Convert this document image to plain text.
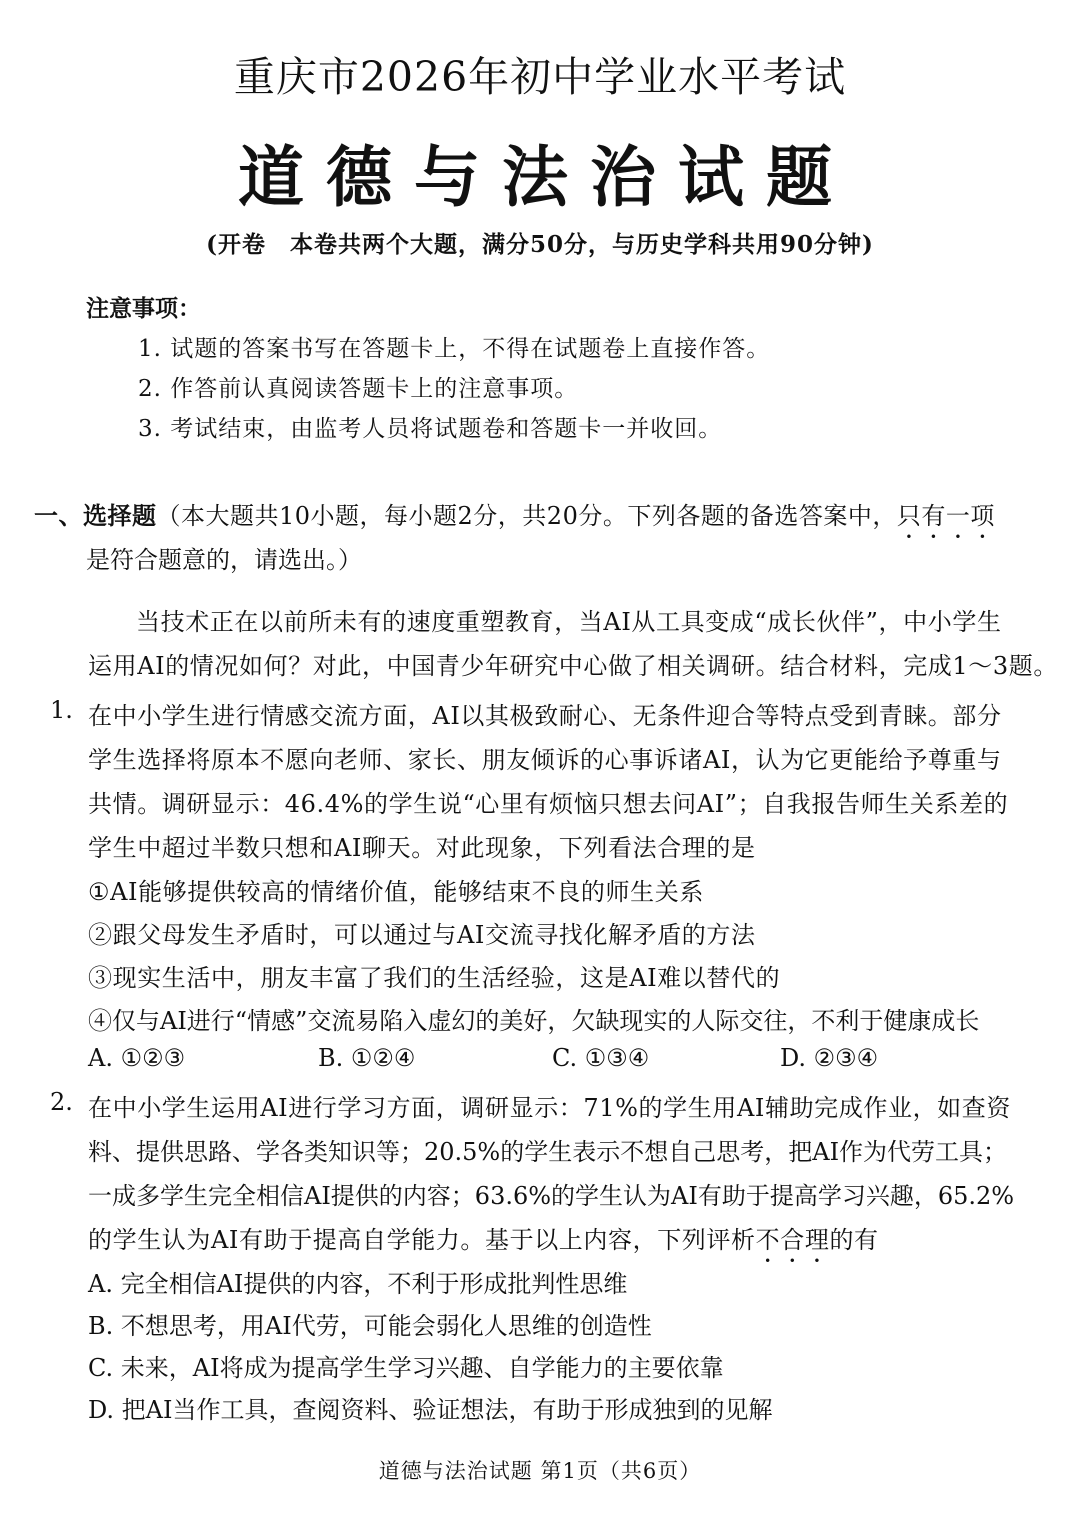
重庆市2026年初中学业水平考试
道德与法治试题
(开卷　本卷共两个大题，满分50分，与历史学科共用90分钟)
注意事项：
1. 试题的答案书写在答题卡上，不得在试题卷上直接作答。
2. 作答前认真阅读答题卡上的注意事项。
3. 考试结束，由监考人员将试题卷和答题卡一并收回。
一、选择题（本大题共10小题，每小题2分，共20分。下列各题的备选答案中，只有一项
是符合题意的，请选出。）
当技术正在以前所未有的速度重塑教育，当AI从工具变成“成长伙伴”，中小学生
运用AI的情况如何？对此，中国青少年研究中心做了相关调研。结合材料，完成1～3题。
1. 在中小学生进行情感交流方面，AI以其极致耐心、无条件迎合等特点受到青睐。部分
学生选择将原本不愿向老师、家长、朋友倾诉的心事诉诸AI，认为它更能给予尊重与
共情。调研显示：46.4%的学生说“心里有烦恼只想去问AI”；自我报告师生关系差的
学生中超过半数只想和AI聊天。对此现象，下列看法合理的是
①AI能够提供较高的情绪价值，能够结束不良的师生关系
②跟父母发生矛盾时，可以通过与AI交流寻找化解矛盾的方法
③现实生活中，朋友丰富了我们的生活经验，这是AI难以替代的
④仅与AI进行“情感”交流易陷入虚幻的美好，欠缺现实的人际交往，不利于健康成长
A. ①②③	B. ①②④	C. ①③④	D. ②③④
2. 在中小学生运用AI进行学习方面，调研显示：71%的学生用AI辅助完成作业，如查资
料、提供思路、学各类知识等；20.5%的学生表示不想自己思考，把AI作为代劳工具；
一成多学生完全相信AI提供的内容；63.6%的学生认为AI有助于提高学习兴趣，65.2%
的学生认为AI有助于提高自学能力。基于以上内容，下列评析不合理的有
A. 完全相信AI提供的内容，不利于形成批判性思维
B. 不想思考，用AI代劳，可能会弱化人思维的创造性
C. 未来，AI将成为提高学生学习兴趣、自学能力的主要依靠
D. 把AI当作工具，查阅资料、验证想法，有助于形成独到的见解
道德与法治试题 第1页（共6页）
